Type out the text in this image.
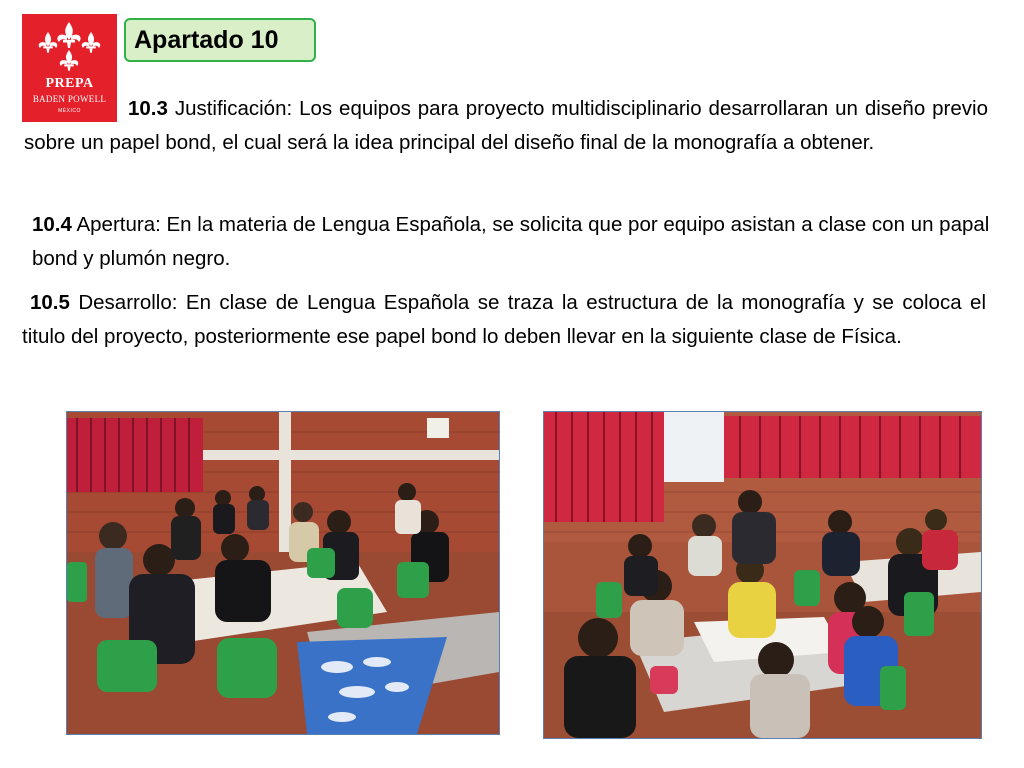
PREPA
BADEN POWELL
MÉXICO
Apartado 10
10.3 Justificación: Los equipos para proyecto multidisciplinario desarrollaran un diseño previo sobre un papel bond, el cual será la idea principal del diseño final de la monografía a obtener.
10.4 Apertura: En la materia de Lengua Española, se solicita que por equipo asistan a clase con un papal bond y plumón negro.
10.5 Desarrollo: En clase de Lengua Española se traza la estructura de la monografía y se coloca el titulo del proyecto, posteriormente ese papel bond lo deben llevar en la siguiente clase de Física.
